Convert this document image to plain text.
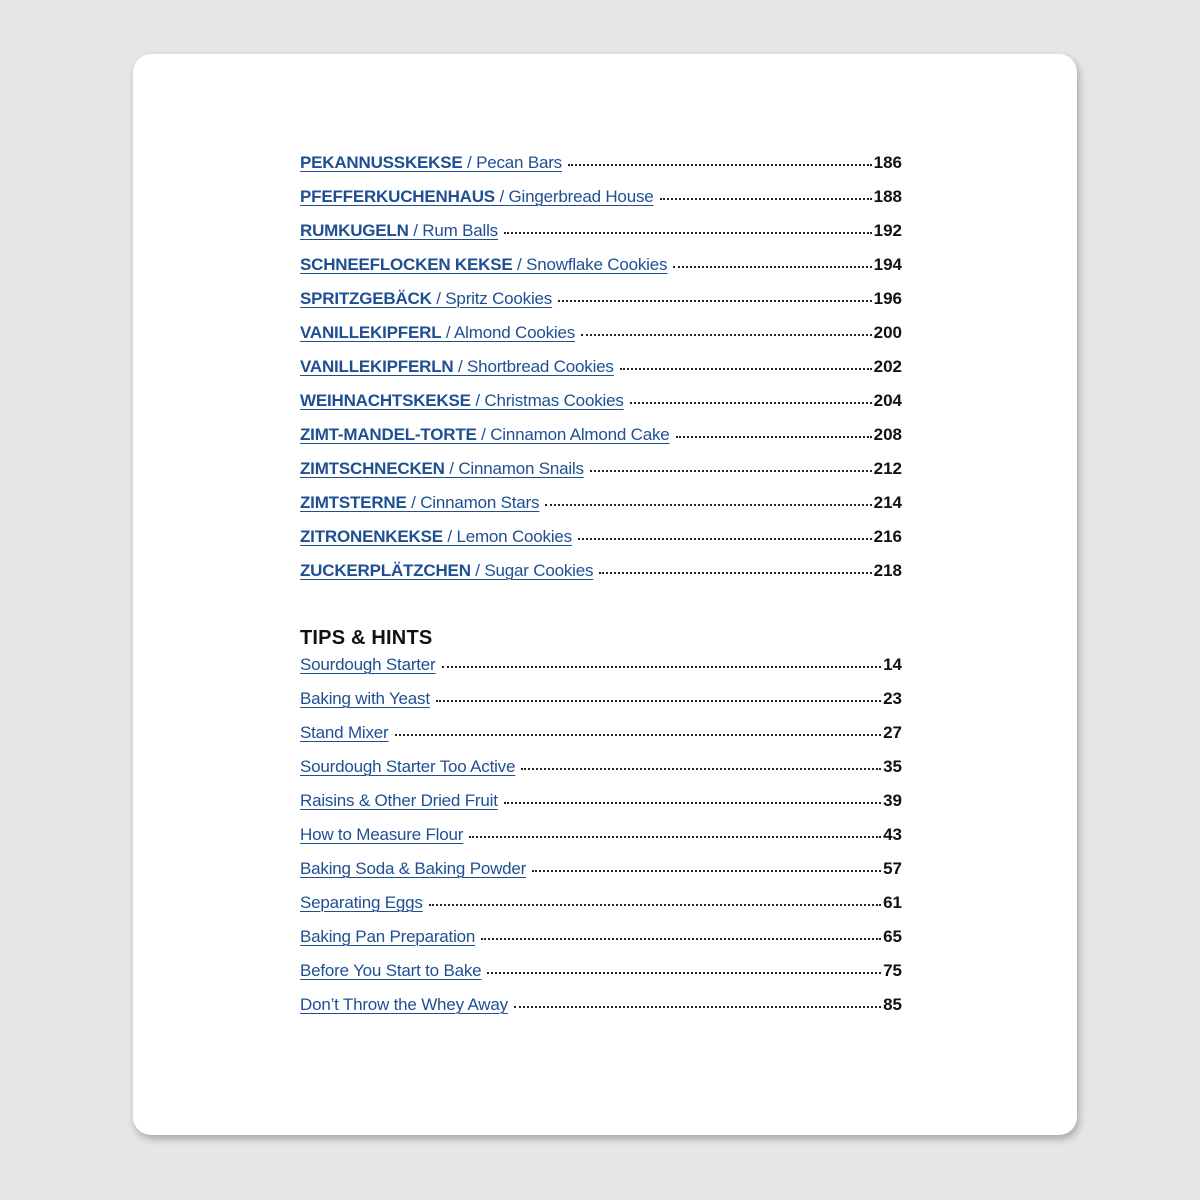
PEKANNUSSKEKSE / Pecan Bars	186
PFEFFERKUCHENHAUS / Gingerbread House	188
RUMKUGELN / Rum Balls	192
SCHNEEFLOCKEN KEKSE / Snowflake Cookies	194
SPRITZGEBÄCK / Spritz Cookies	196
VANILLEKIPFERL / Almond Cookies	200
VANILLEKIPFERLN / Shortbread Cookies	202
WEIHNACHTSKEKSE / Christmas Cookies	204
ZIMT-MANDEL-TORTE / Cinnamon Almond Cake	208
ZIMTSCHNECKEN / Cinnamon Snails	212
ZIMTSTERNE / Cinnamon Stars	214
ZITRONENKEKSE / Lemon Cookies	216
ZUCKERPLÄTZCHEN / Sugar Cookies	218
TIPS & HINTS
Sourdough Starter	14
Baking with Yeast	23
Stand Mixer	27
Sourdough Starter Too Active	35
Raisins & Other Dried Fruit	39
How to Measure Flour	43
Baking Soda & Baking Powder	57
Separating Eggs	61
Baking Pan Preparation	65
Before You Start to Bake	75
Don’t Throw the Whey Away	85
